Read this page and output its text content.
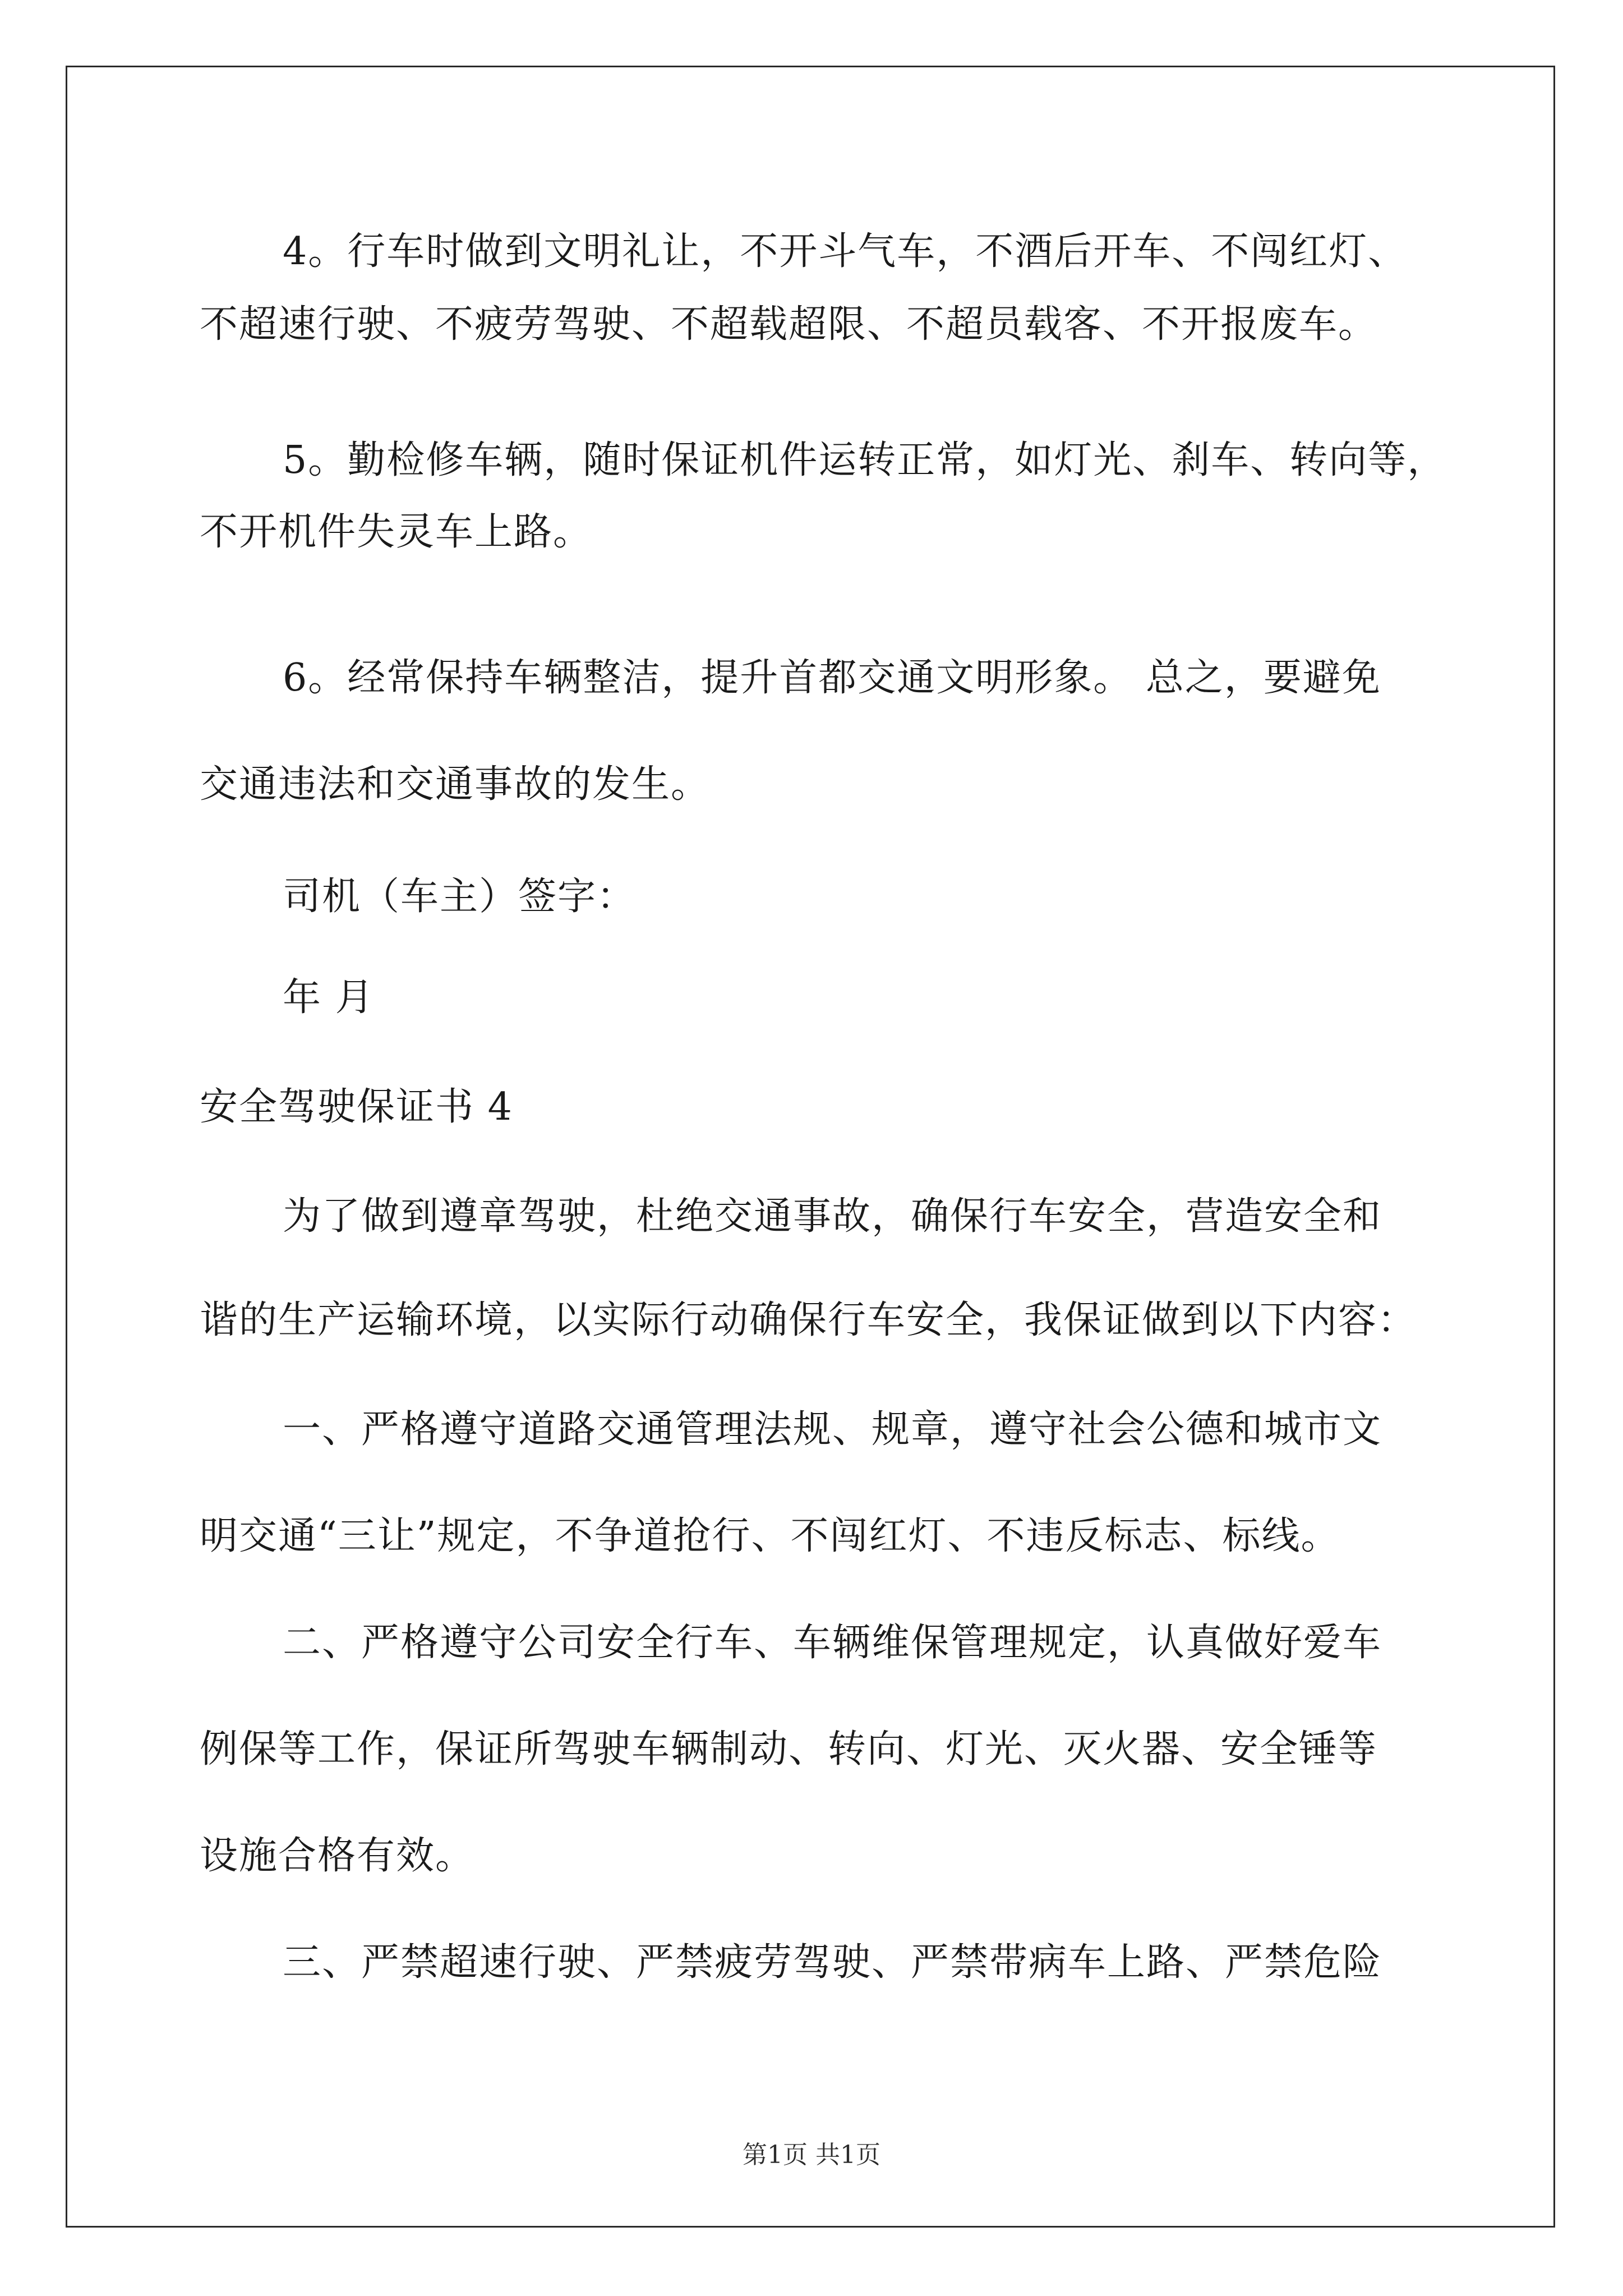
4。行车时做到文明礼让，不开斗气车，不酒后开车、不闯红灯、
不超速行驶、不疲劳驾驶、不超载超限、不超员载客、不开报废车。
5。勤检修车辆，随时保证机件运转正常，如灯光、刹车、转向等，
不开机件失灵车上路。
6。经常保持车辆整洁，提升首都交通文明形象。 总之，要避免
交通违法和交通事故的发生。
司机（车主）签字：
年 月
安全驾驶保证书 4
为了做到遵章驾驶，杜绝交通事故，确保行车安全，营造安全和
谐的生产运输环境，以实际行动确保行车安全，我保证做到以下内容：
一、严格遵守道路交通管理法规、规章，遵守社会公德和城市文
明交通“三让”规定，不争道抢行、不闯红灯、不违反标志、标线。
二、严格遵守公司安全行车、车辆维保管理规定，认真做好爱车
例保等工作，保证所驾驶车辆制动、转向、灯光、灭火器、安全锤等
设施合格有效。
三、严禁超速行驶、严禁疲劳驾驶、严禁带病车上路、严禁危险
第1页 共1页
